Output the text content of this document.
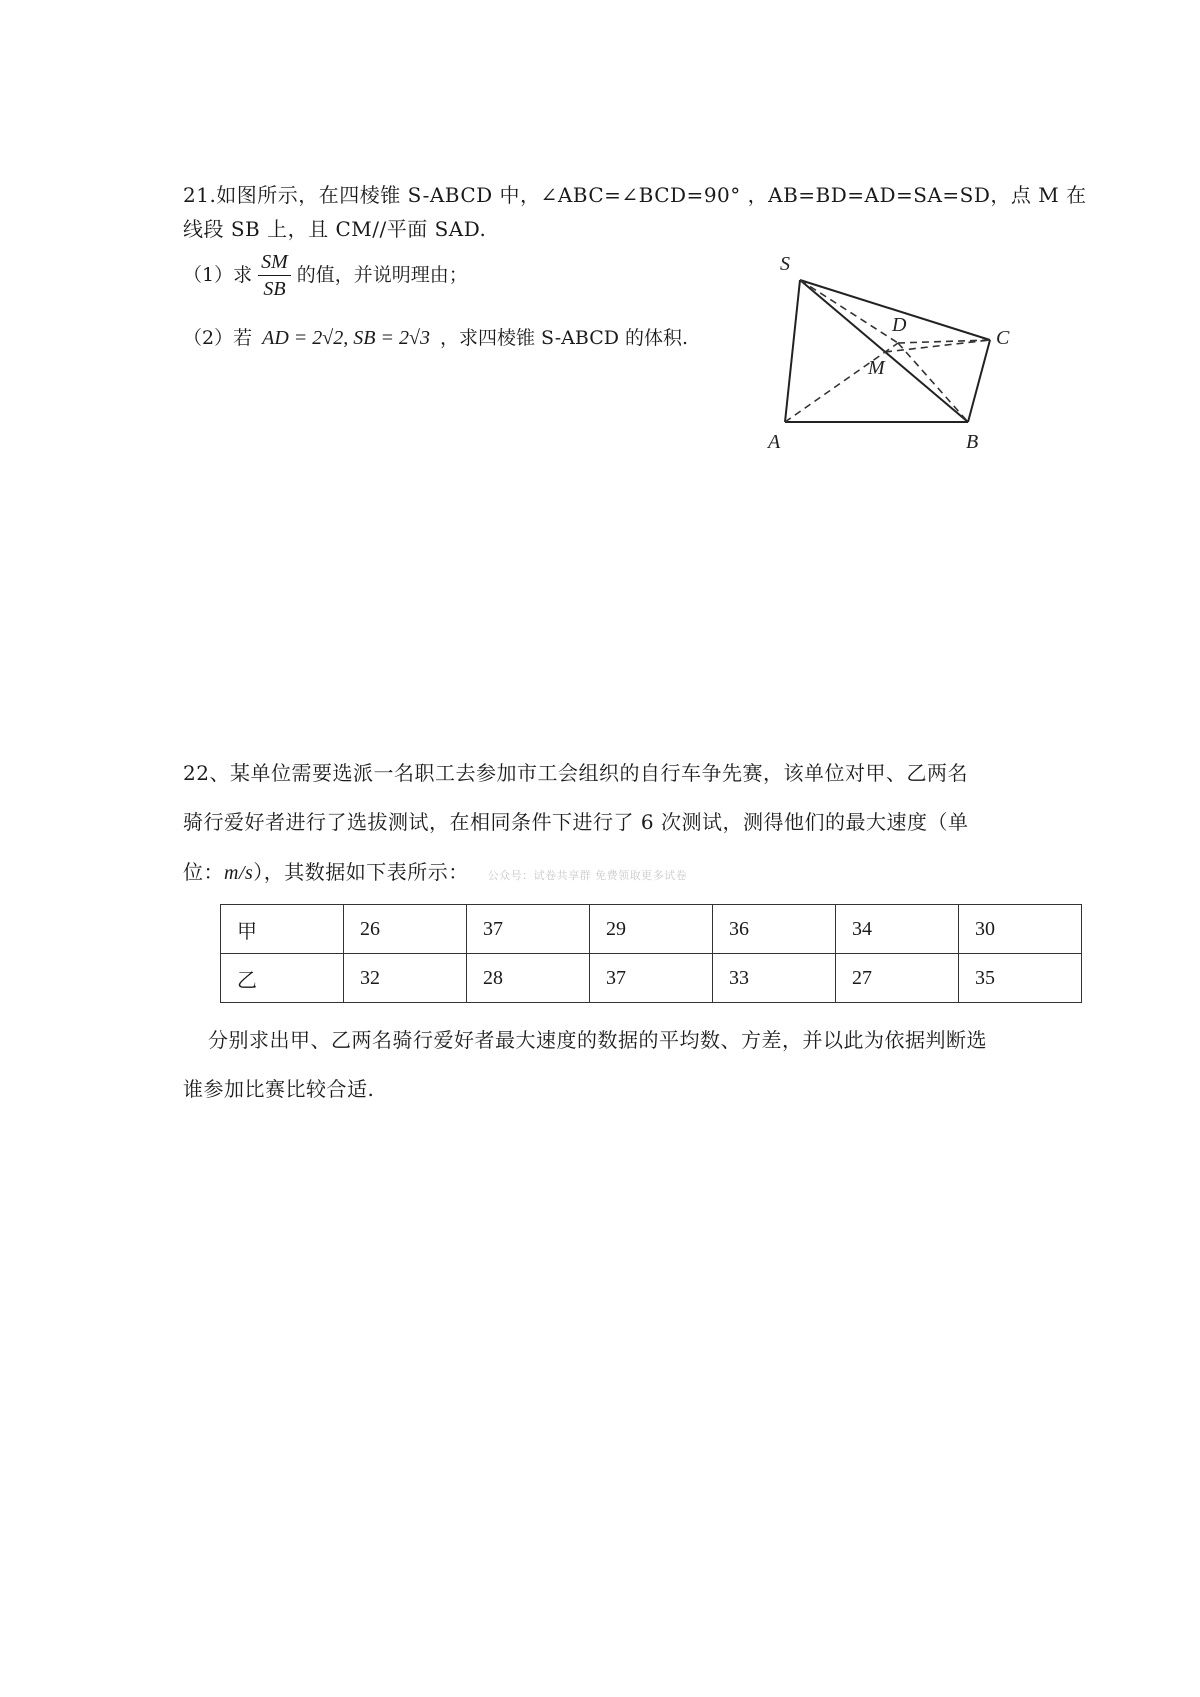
21.如图所示，在四棱锥 S-ABCD 中，∠ABC=∠BCD=90° ，AB=BD=AD=SA=SD，点 M 在
线段 SB 上，且 CM//平面 SAD.
（1）求 $\frac{SM}{SB}$ 的值，并说明理由；
（2）若 AD = 2√2, SB = 2√3 ，求四棱锥 S-ABCD 的体积.
S
D
C
M
A	B
22、某单位需要选派一名职工去参加市工会组织的自行车争先赛，该单位对甲、乙两名
骑行爱好者进行了选拔测试，在相同条件下进行了 6 次测试，测得他们的最大速度（单
位：m/s），其数据如下表所示： 公众号：试卷共享群 免费领取更多试卷
甲	26	37	29	36	34	30
乙	32	28	37	33	27	35
分别求出甲、乙两名骑行爱好者最大速度的数据的平均数、方差，并以此为依据判断选
谁参加比赛比较合适.
